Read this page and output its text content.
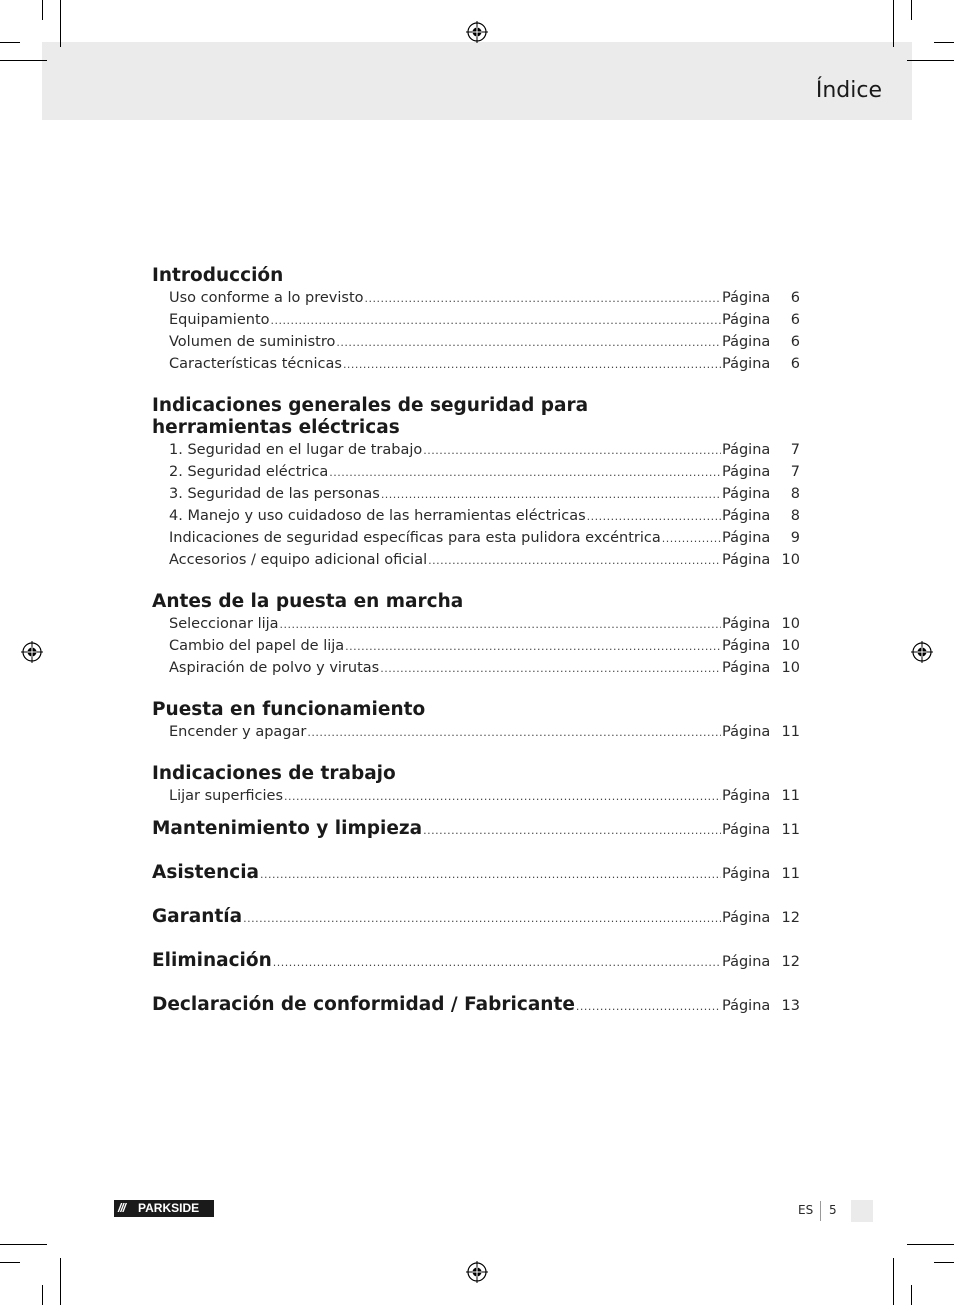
Índice
Introducción
Uso conforme a lo previsto .....	Página	6
Equipamiento .....	Página	6
Volumen de suministro .....	Página	6
Características técnicas .....	Página	6
Indicaciones generales de seguridad para
herramientas eléctricas
1. Seguridad en el lugar de trabajo .....	Página	7
2. Seguridad eléctrica .....	Página	7
3. Seguridad de las personas .....	Página	8
4. Manejo y uso cuidadoso de las herramientas eléctricas .....	Página	8
Indicaciones de seguridad específicas para esta pulidora excéntrica .....	Página	9
Accesorios / equipo adicional oficial .....	Página 10
Antes de la puesta en marcha
Seleccionar lija .....	Página 10
Cambio del papel de lija .....	Página 10
Aspiración de polvo y virutas .....	Página 10
Puesta en funcionamiento
Encender y apagar .....	Página 11
Indicaciones de trabajo
Lijar superficies .....	Página 11
Mantenimiento y limpieza .....	Página 11
Asistencia .....	Página 11
Garantía .....	Página 12
Eliminación .....	Página 12
Declaración de conformidad / Fabricante .....	Página 13
///	PARKSIDE	ES 5
